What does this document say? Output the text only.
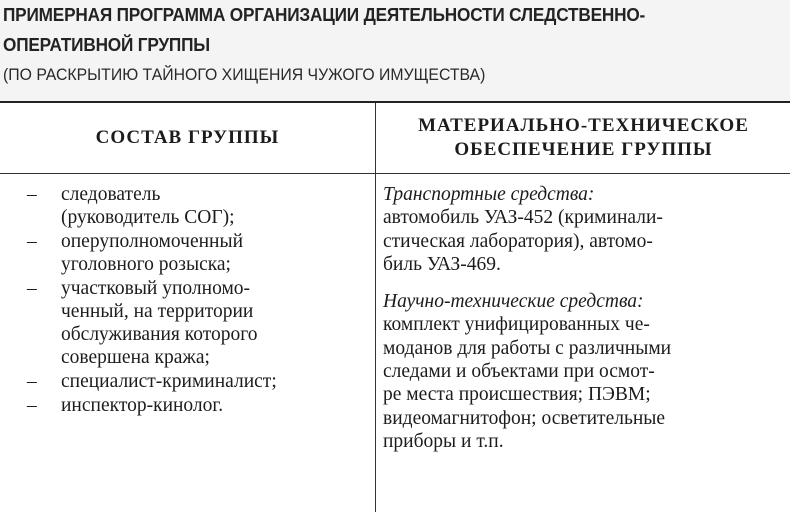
ПРИМЕРНАЯ ПРОГРАММА ОРГАНИЗАЦИИ ДЕЯТЕЛЬНОСТИ СЛЕДСТВЕННО-
ОПЕРАТИВНОЙ ГРУППЫ
(ПО РАСКРЫТИЮ ТАЙНОГО ХИЩЕНИЯ ЧУЖОГО ИМУЩЕСТВА)
СОСТАВ ГРУППЫ
МАТЕРИАЛЬНО-ТЕХНИЧЕСКОЕ
ОБЕСПЕЧЕНИЕ ГРУППЫ
– следователь
(руководитель СОГ);
– оперуполномоченный
уголовного розыска;
– участковый уполномо-
ченный, на территории
обслуживания которого
совершена кража;
– специалист-криминалист;
– инспектор-кинолог.
Транспортные средства:
автомобиль УАЗ-452 (криминали-
стическая лаборатория), автомо-
биль УАЗ-469.
Научно-технические средства:
комплект унифицированных че-
моданов для работы с различными
следами и объектами при осмот-
ре места происшествия; ПЭВМ;
видеомагнитофон; осветительные
приборы и т.п.
